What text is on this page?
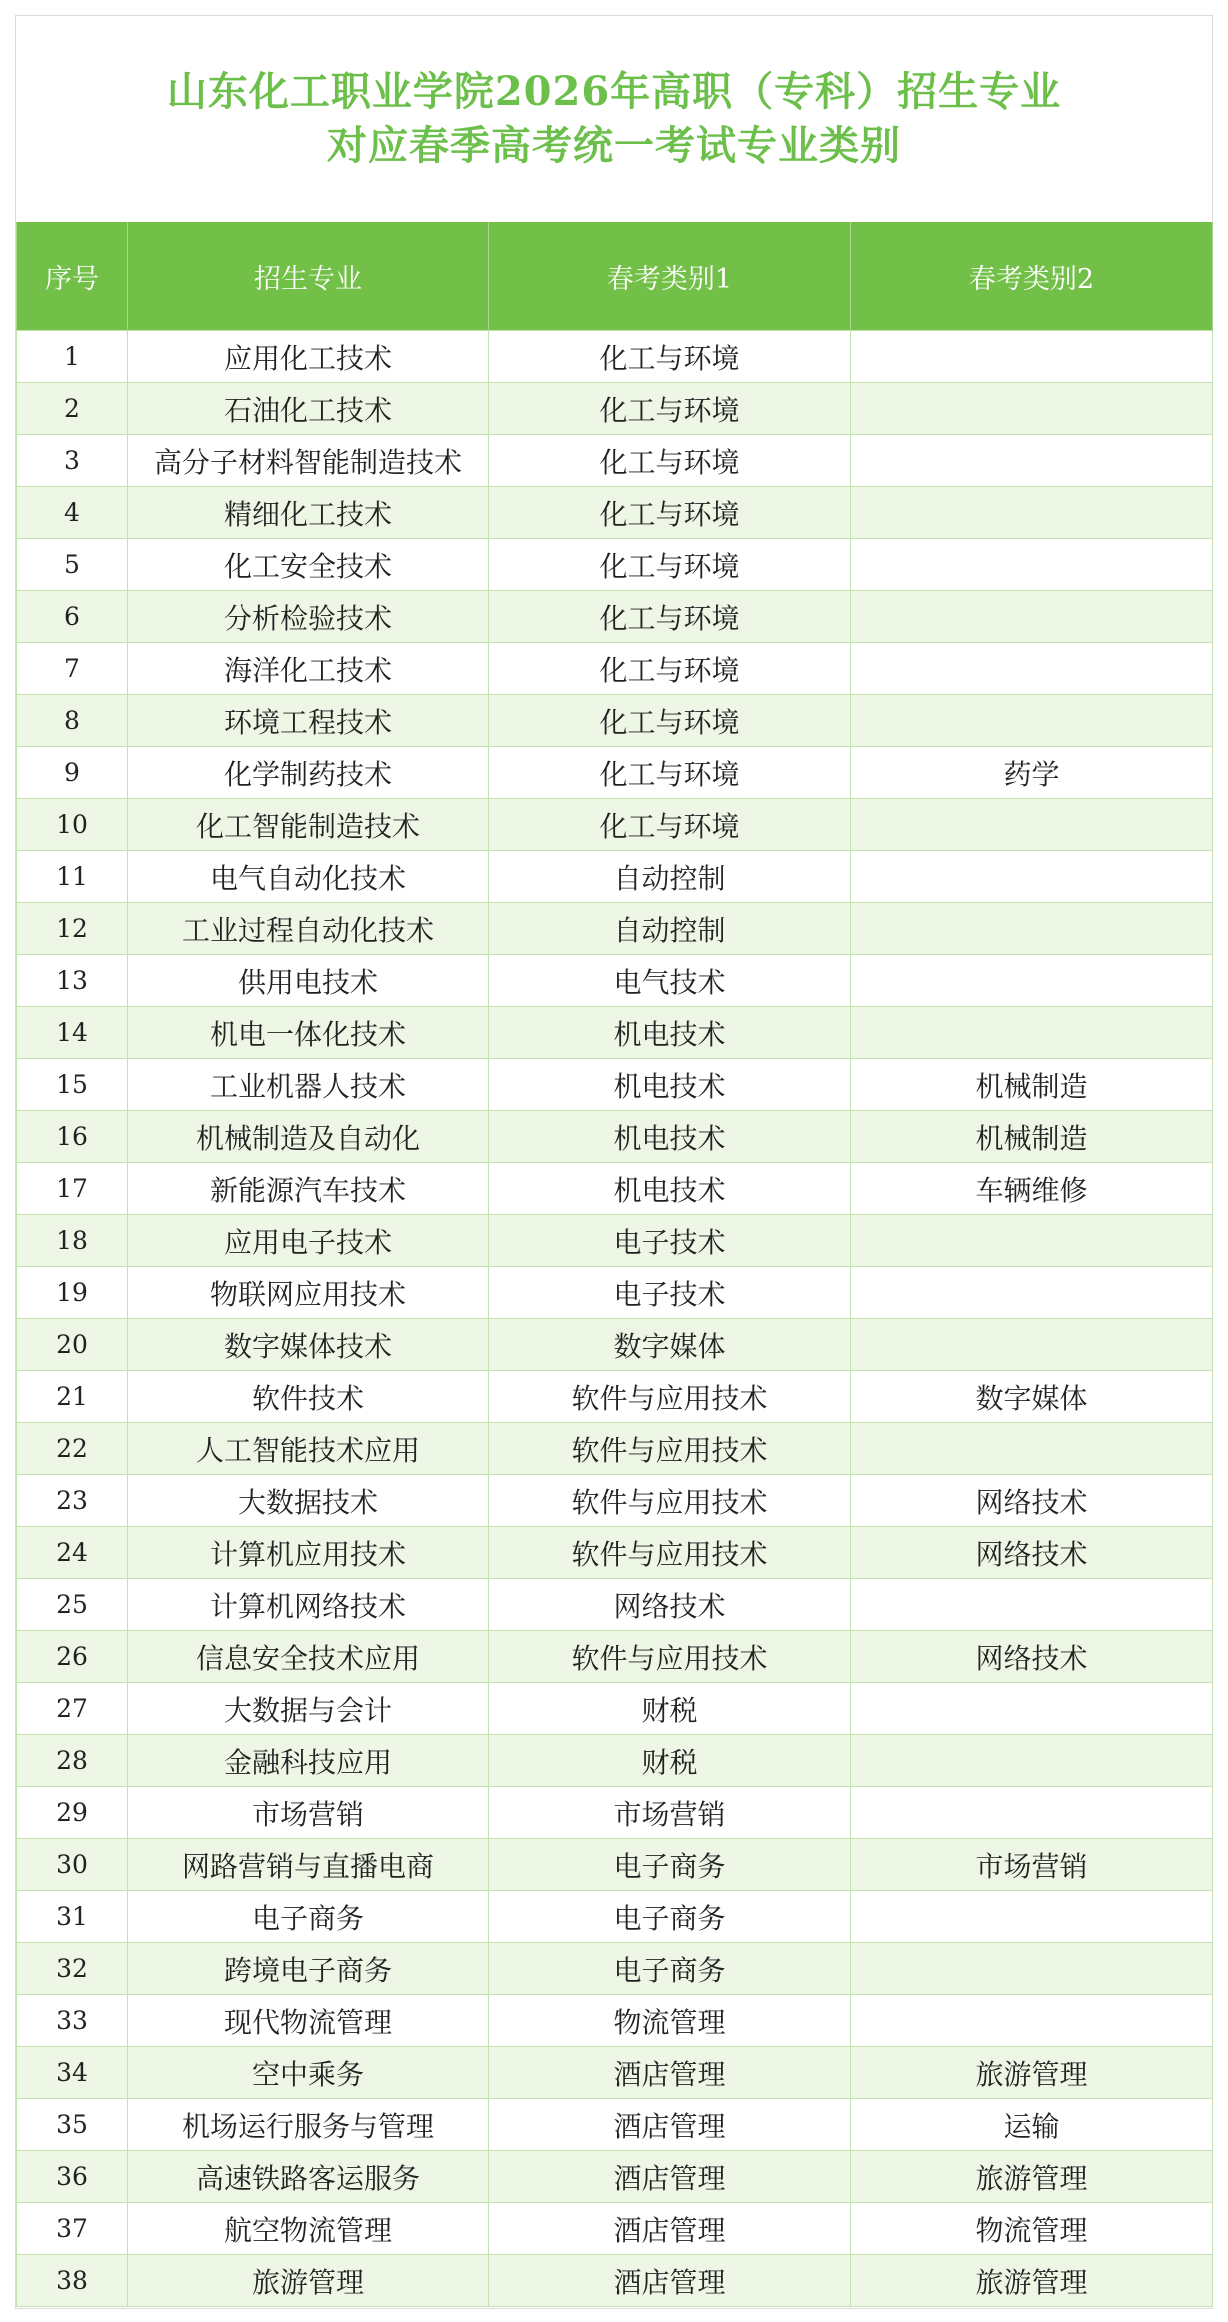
山东化工职业学院2026年高职（专科）招生专业
对应春季高考统一考试专业类别
序号	招生专业	春考类别1	春考类别2
1	应用化工技术	化工与环境	
2	石油化工技术	化工与环境	
3	高分子材料智能制造技术	化工与环境	
4	精细化工技术	化工与环境	
5	化工安全技术	化工与环境	
6	分析检验技术	化工与环境	
7	海洋化工技术	化工与环境	
8	环境工程技术	化工与环境	
9	化学制药技术	化工与环境	药学
10	化工智能制造技术	化工与环境	
11	电气自动化技术	自动控制	
12	工业过程自动化技术	自动控制	
13	供用电技术	电气技术	
14	机电一体化技术	机电技术	
15	工业机器人技术	机电技术	机械制造
16	机械制造及自动化	机电技术	机械制造
17	新能源汽车技术	机电技术	车辆维修
18	应用电子技术	电子技术	
19	物联网应用技术	电子技术	
20	数字媒体技术	数字媒体	
21	软件技术	软件与应用技术	数字媒体
22	人工智能技术应用	软件与应用技术	
23	大数据技术	软件与应用技术	网络技术
24	计算机应用技术	软件与应用技术	网络技术
25	计算机网络技术	网络技术	
26	信息安全技术应用	软件与应用技术	网络技术
27	大数据与会计	财税	
28	金融科技应用	财税	
29	市场营销	市场营销	
30	网路营销与直播电商	电子商务	市场营销
31	电子商务	电子商务	
32	跨境电子商务	电子商务	
33	现代物流管理	物流管理	
34	空中乘务	酒店管理	旅游管理
35	机场运行服务与管理	酒店管理	运输
36	高速铁路客运服务	酒店管理	旅游管理
37	航空物流管理	酒店管理	物流管理
38	旅游管理	酒店管理	旅游管理
